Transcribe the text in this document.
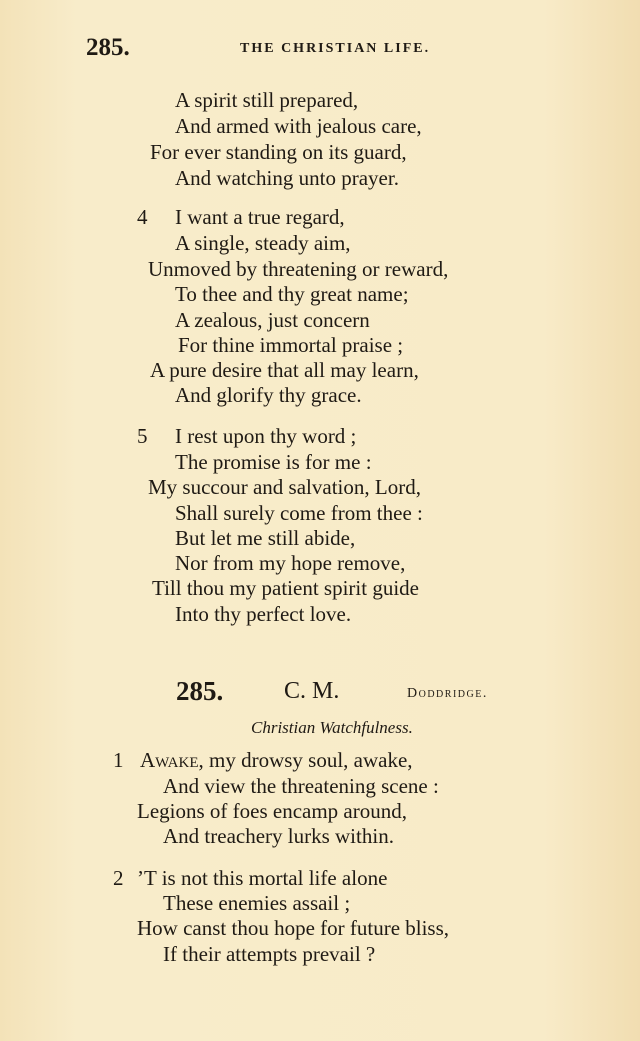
285.	THE CHRISTIAN LIFE.
A spirit still prepared,
And armed with jealous care,
For ever standing on its guard,
And watching unto prayer.
4 I want a true regard,
A single, steady aim,
Unmoved by threatening or reward,
To thee and thy great name;
A zealous, just concern
For thine immortal praise ;
A pure desire that all may learn,
And glorify thy grace.
5 I rest upon thy word ;
The promise is for me :
My succour and salvation, Lord,
Shall surely come from thee :
But let me still abide,
Nor from my hope remove,
Till thou my patient spirit guide
Into thy perfect love.
285.	C. M.	Doddridge.
Christian Watchfulness.
1 Awake, my drowsy soul, awake,
And view the threatening scene :
Legions of foes encamp around,
And treachery lurks within.
2 ’T is not this mortal life alone
These enemies assail ;
How canst thou hope for future bliss,
If their attempts prevail ?
